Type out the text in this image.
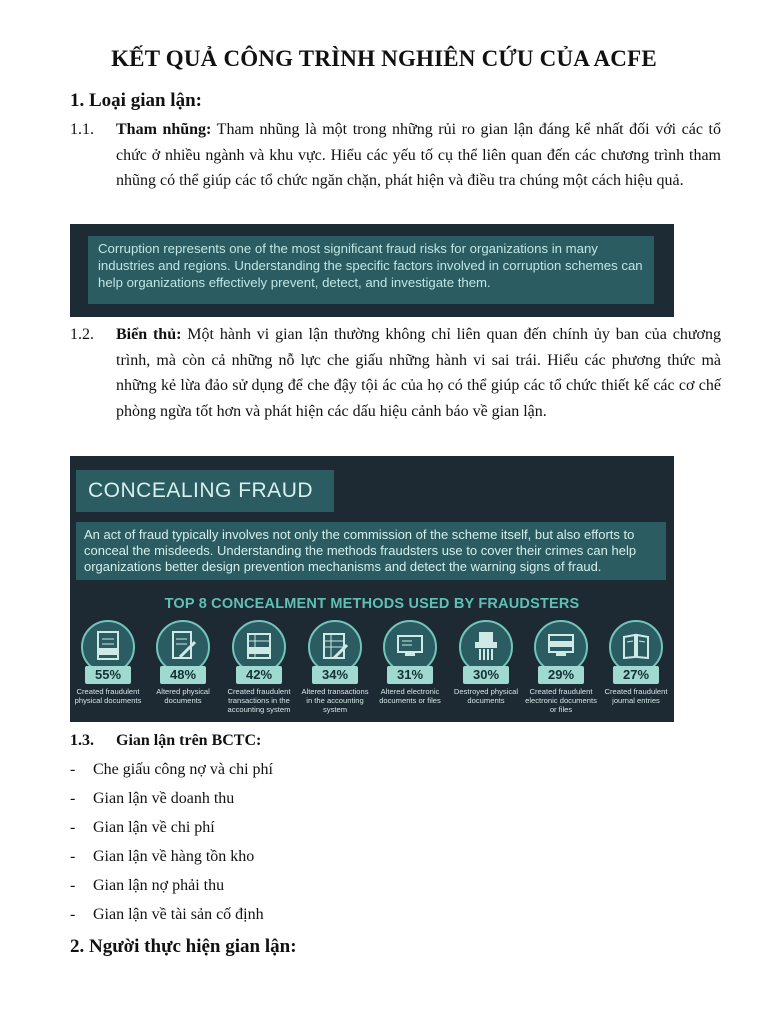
KẾT QUẢ CÔNG TRÌNH NGHIÊN CỨU CỦA ACFE
1. Loại gian lận:
1.1. Tham nhũng: Tham nhũng là một trong những rủi ro gian lận đáng kể nhất đối với các tổ chức ở nhiều ngành và khu vực. Hiểu các yếu tố cụ thể liên quan đến các chương trình tham nhũng có thể giúp các tổ chức ngăn chặn, phát hiện và điều tra chúng một cách hiệu quả.
Corruption represents one of the most significant fraud risks for organizations in many industries and regions. Understanding the specific factors involved in corruption schemes can help organizations effectively prevent, detect, and investigate them.
1.2. Biển thủ: Một hành vi gian lận thường không chỉ liên quan đến chính ủy ban của chương trình, mà còn cả những nỗ lực che giấu những hành vi sai trái. Hiểu các phương thức mà những kẻ lừa đảo sử dụng để che đậy tội ác của họ có thể giúp các tổ chức thiết kế các cơ chế phòng ngừa tốt hơn và phát hiện các dấu hiệu cảnh báo về gian lận.
CONCEALING FRAUD
An act of fraud typically involves not only the commission of the scheme itself, but also efforts to conceal the misdeeds. Understanding the methods fraudsters use to cover their crimes can help organizations better design prevention mechanisms and detect the warning signs of fraud.
TOP 8 CONCEALMENT METHODS USED BY FRAUDSTERS
55%
Created fraudulent physical documents
48%
Altered physical documents
42%
Created fraudulent transactions in the accounting system
34%
Altered transactions in the accounting system
31%
Altered electronic documents or files
30%
Destroyed physical documents
29%
Created fraudulent electronic documents or files
27%
Created fraudulent journal entries
1.3. Gian lận trên BCTC:
- Che giấu công nợ và chi phí
- Gian lận về doanh thu
- Gian lận về chi phí
- Gian lận về hàng tồn kho
- Gian lận nợ phải thu
- Gian lận về tài sản cố định
2. Người thực hiện gian lận:
